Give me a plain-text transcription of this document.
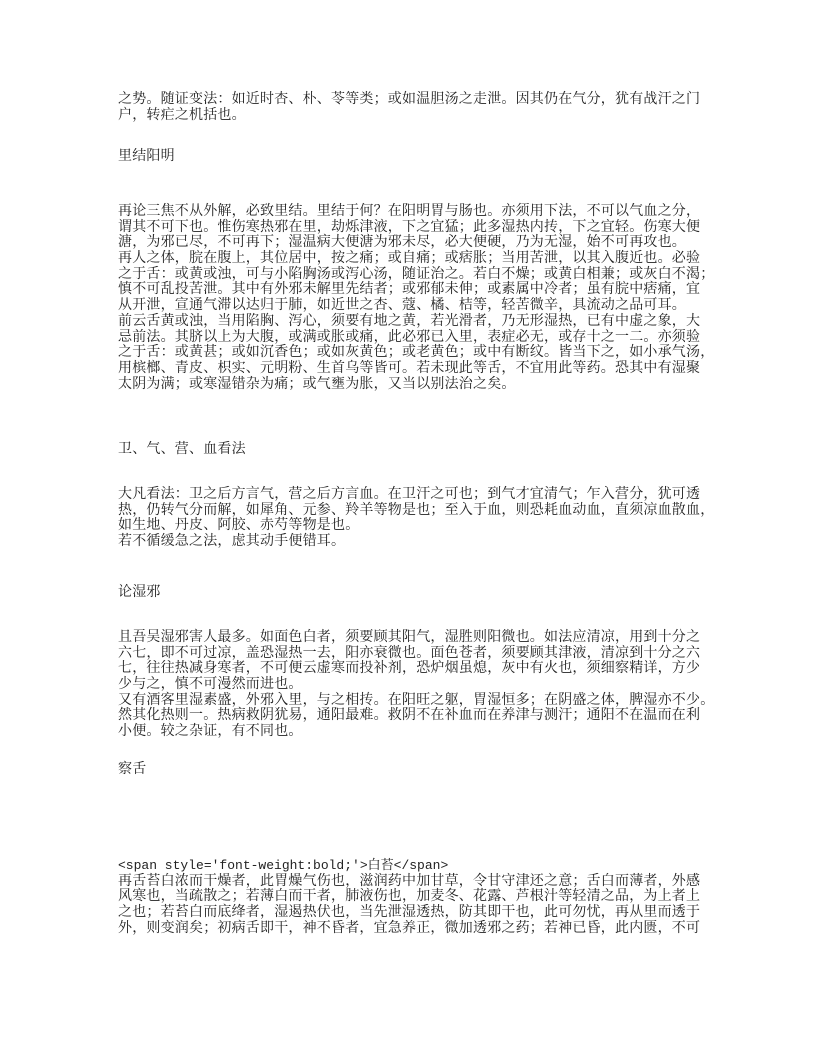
之势。随证变法：如近时杏、朴、苓等类；或如温胆汤之走泄。因其仍在气分，犹有战汗之门
户，转疟之机括也。
里结阳明
再论三焦不从外解，必致里结。里结于何？在阳明胃与肠也。亦须用下法，不可以气血之分，
谓其不可下也。惟伤寒热邪在里，劫烁津液，下之宜猛；此多湿热内抟，下之宜轻。伤寒大便
溏，为邪已尽，不可再下；湿温病大便溏为邪未尽，必大便硬，乃为无湿，始不可再攻也。
再人之体，脘在腹上，其位居中，按之痛；或自痛；或痞胀；当用苦泄，以其入腹近也。必验
之于舌：或黄或浊，可与小陷胸汤或泻心汤，随证治之。若白不燥；或黄白相兼；或灰白不渴；
慎不可乱投苦泄。其中有外邪未解里先结者；或邪郁未伸；或素属中冷者；虽有脘中痞痛，宜
从开泄，宣通气滞以达归于肺，如近世之杏、蔻、橘、桔等，轻苦微辛，具流动之品可耳。
前云舌黄或浊，当用陷胸、泻心，须要有地之黄，若光滑者，乃无形湿热，已有中虚之象，大
忌前法。其脐以上为大腹，或满或胀或痛，此必邪已入里，表症必无，或存十之一二。亦须验
之于舌：或黄甚；或如沉香色；或如灰黄色；或老黄色；或中有断纹。皆当下之，如小承气汤，
用槟榔、青皮、枳实、元明粉、生首乌等皆可。若未现此等舌，不宜用此等药。恐其中有湿聚
太阴为满；或寒湿错杂为痛；或气壅为胀，又当以别法治之矣。
卫、气、营、血看法
大凡看法：卫之后方言气，营之后方言血。在卫汗之可也；到气才宜清气；乍入营分，犹可透
热，仍转气分而解，如犀角、元参、羚羊等物是也；至入于血，则恐耗血动血，直须凉血散血，
如生地、丹皮、阿胶、赤芍等物是也。
若不循缓急之法，虑其动手便错耳。
论湿邪
且吾吴湿邪害人最多。如面色白者，须要顾其阳气，湿胜则阳微也。如法应清凉，用到十分之
六七，即不可过凉，盖恐湿热一去，阳亦衰微也。面色苍者，须要顾其津液，清凉到十分之六
七，往往热减身寒者，不可便云虚寒而投补剂，恐炉烟虽熄，灰中有火也，须细察精详，方少
少与之，慎不可漫然而进也。
又有酒客里湿素盛，外邪入里，与之相抟。在阳旺之躯，胃湿恒多；在阴盛之体，脾湿亦不少。
然其化热则一。热病救阴犹易，通阳最难。救阴不在补血而在养津与测汗；通阳不在温而在利
小便。较之杂证，有不同也。
察舌
<span style='font-weight:bold;'>白苔</span>
再舌苔白浓而干燥者，此胃燥气伤也，滋润药中加甘草，令甘守津还之意；舌白而薄者，外感
风寒也，当疏散之；若薄白而干者，肺液伤也，加麦冬、花露、芦根汁等轻清之品，为上者上
之也；若苔白而底绛者，湿遏热伏也，当先泄湿透热，防其即干也，此可勿忧，再从里而透于
外，则变润矣；初病舌即干，神不昏者，宜急养正，微加透邪之药；若神已昏，此内匮，不可
